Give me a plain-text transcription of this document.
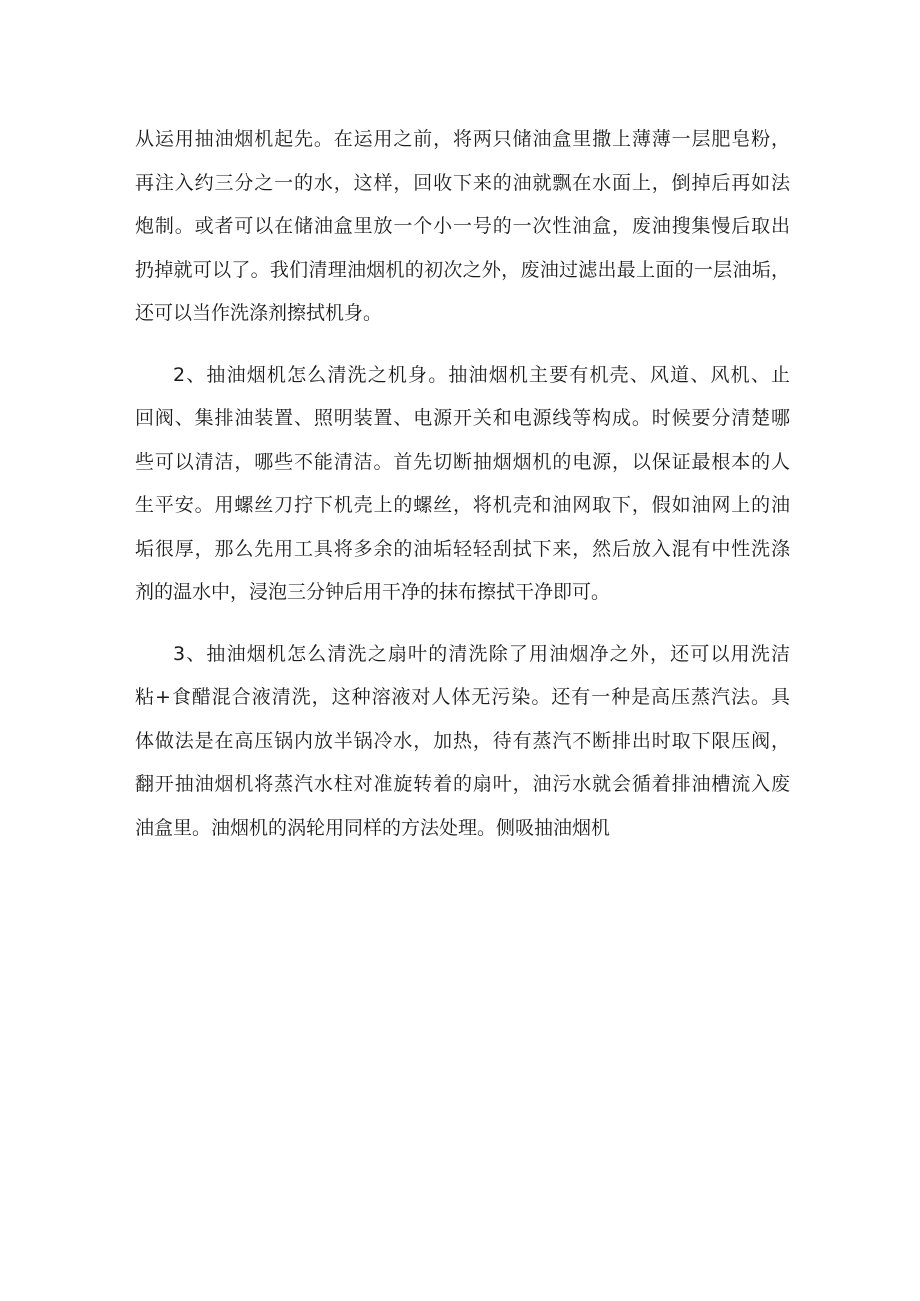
从运用抽油烟机起先。在运用之前，将两只储油盒里撒上薄薄一层肥皂粉，
再注入约三分之一的水，这样，回收下来的油就飘在水面上，倒掉后再如法
炮制。或者可以在储油盒里放一个小一号的一次性油盒，废油搜集慢后取出
扔掉就可以了。我们清理油烟机的初次之外，废油过滤出最上面的一层油垢，
还可以当作洗涤剂擦拭机身。

2、抽油烟机怎么清洗之机身。抽油烟机主要有机壳、风道、风机、止
回阀、集排油装置、照明装置、电源开关和电源线等构成。时候要分清楚哪
些可以清洁，哪些不能清洁。首先切断抽烟烟机的电源，以保证最根本的人
生平安。用螺丝刀拧下机壳上的螺丝，将机壳和油网取下，假如油网上的油
垢很厚，那么先用工具将多余的油垢轻轻刮拭下来，然后放入混有中性洗涤
剂的温水中，浸泡三分钟后用干净的抹布擦拭干净即可。

3、抽油烟机怎么清洗之扇叶的清洗除了用油烟净之外，还可以用洗洁
粘+食醋混合液清洗，这种溶液对人体无污染。还有一种是高压蒸汽法。具
体做法是在高压锅内放半锅冷水，加热，待有蒸汽不断排出时取下限压阀，
翻开抽油烟机将蒸汽水柱对准旋转着的扇叶，油污水就会循着排油槽流入废
油盒里。油烟机的涡轮用同样的方法处理。侧吸抽油烟机
